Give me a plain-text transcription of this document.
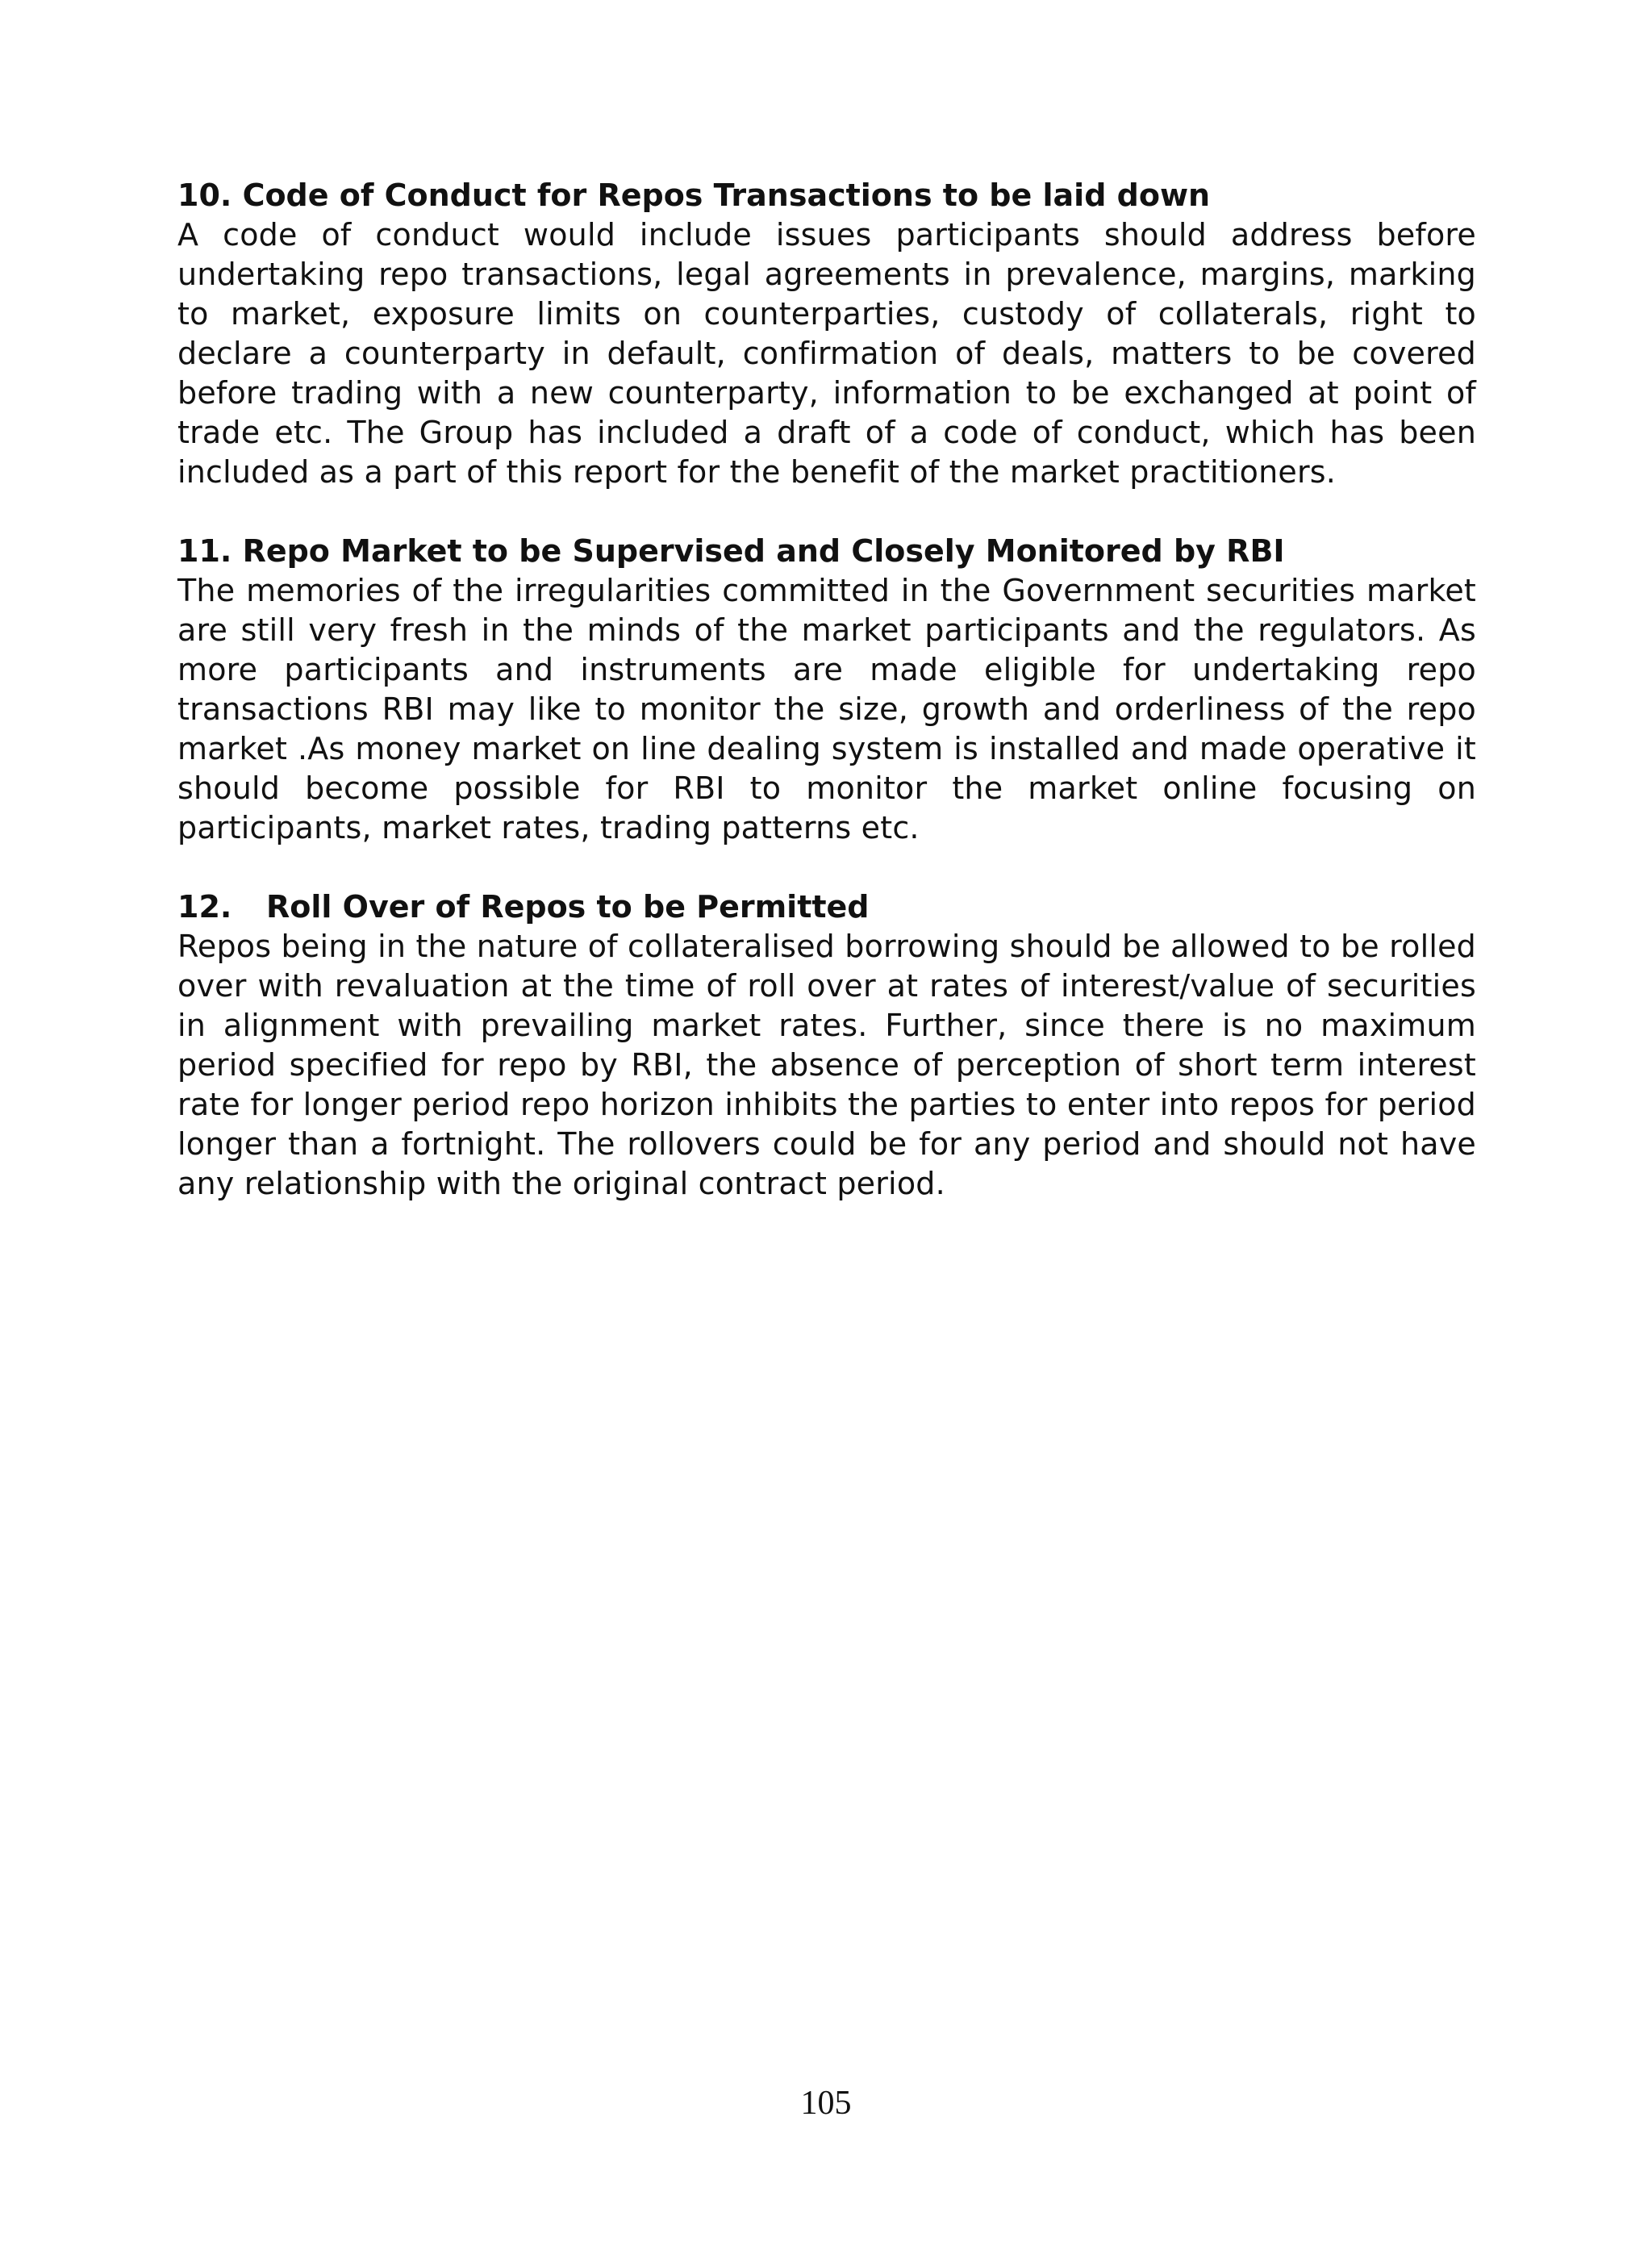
10. Code of Conduct for Repos Transactions to be laid down

A code of conduct would include issues participants should address before undertaking repo transactions, legal agreements in prevalence, margins, marking to market, exposure limits on counterparties, custody of collaterals, right to declare a counterparty in default, confirmation of deals, matters to be covered before trading with a new counterparty, information to be exchanged at point of trade etc. The Group has included a draft of a code of conduct, which has been included as a part of this report for the benefit of the market practitioners.

11. Repo Market to be Supervised and Closely Monitored by RBI

The memories of the irregularities committed in the Government securities market are still very fresh in the minds of the market participants and the regulators. As more participants and instruments are made eligible for undertaking repo transactions RBI may like to monitor the size, growth and orderliness of the repo market .As money market on line dealing system is installed and made operative it should become possible for RBI to monitor the market online focusing on participants, market rates, trading patterns etc.

12. Roll Over of Repos to be Permitted

Repos being in the nature of collateralised borrowing should be allowed to be rolled over with revaluation at the time of roll over at rates of interest/value of securities in alignment with prevailing market rates. Further, since there is no maximum period specified for repo by RBI, the absence of perception of short term interest rate for longer period repo horizon inhibits the parties to enter into repos for period longer than a fortnight. The rollovers could be for any period and should not have any relationship with the original contract period.

105
